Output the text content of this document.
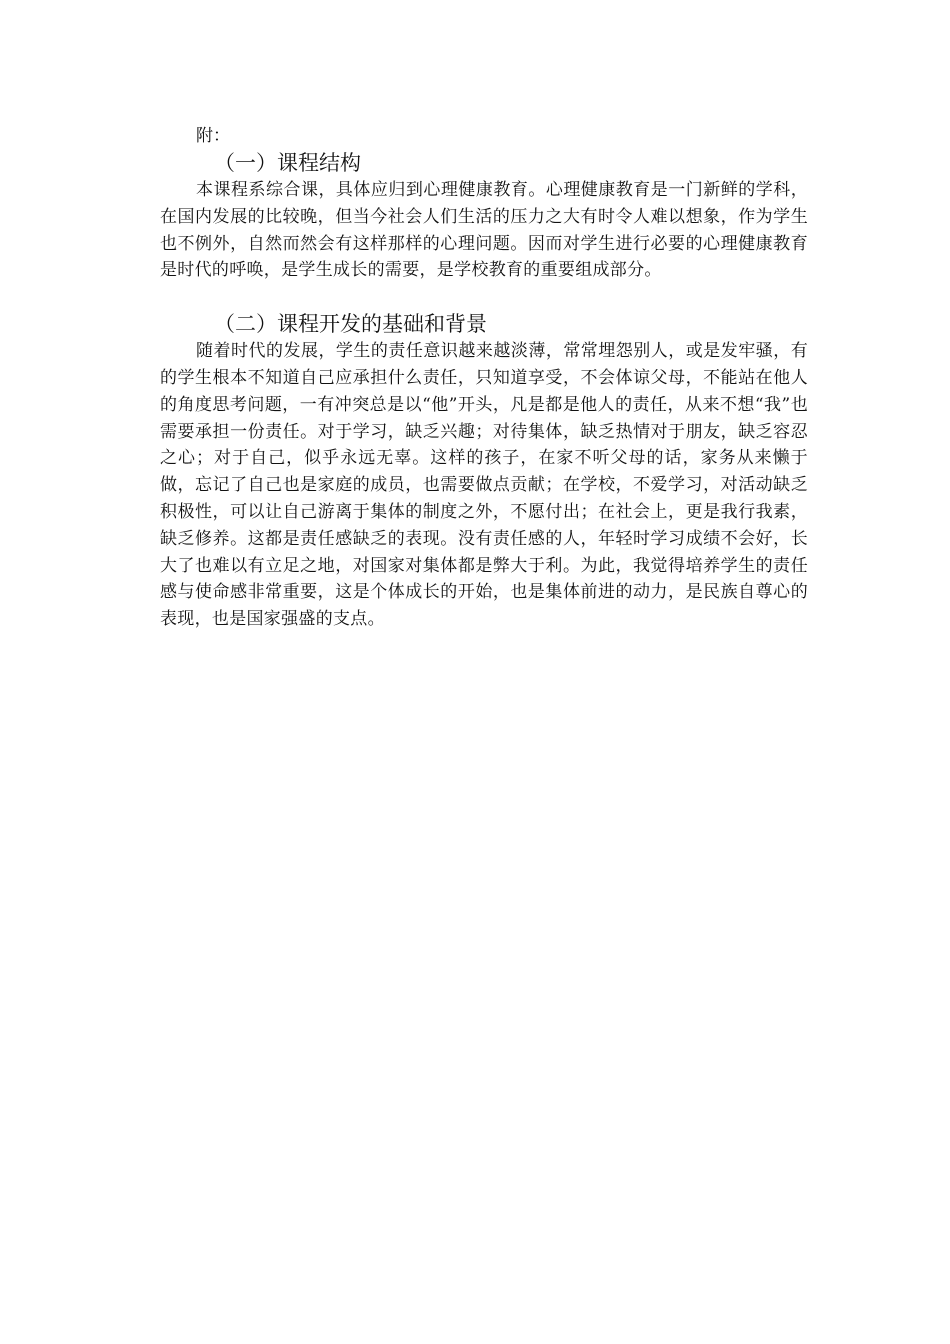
附：
（一）课程结构

本课程系综合课，具体应归到心理健康教育。心理健康教育是一门新鲜的学科，在国内发展的比较晚，但当今社会人们生活的压力之大有时令人难以想象，作为学生也不例外，自然而然会有这样那样的心理问题。因而对学生进行必要的心理健康教育是时代的呼唤，是学生成长的需要，是学校教育的重要组成部分。

（二）课程开发的基础和背景

随着时代的发展，学生的责任意识越来越淡薄，常常埋怨别人，或是发牢骚，有的学生根本不知道自己应承担什么责任，只知道享受，不会体谅父母，不能站在他人的角度思考问题，一有冲突总是以“他”开头，凡是都是他人的责任，从来不想“我”也需要承担一份责任。对于学习，缺乏兴趣；对待集体，缺乏热情对于朋友，缺乏容忍之心；对于自己，似乎永远无辜。这样的孩子，在家不听父母的话，家务从来懒于做，忘记了自己也是家庭的成员，也需要做点贡献；在学校，不爱学习，对活动缺乏积极性，可以让自己游离于集体的制度之外，不愿付出；在社会上，更是我行我素，缺乏修养。这都是责任感缺乏的表现。没有责任感的人，年轻时学习成绩不会好，长大了也难以有立足之地，对国家对集体都是弊大于利。为此，我觉得培养学生的责任感与使命感非常重要，这是个体成长的开始，也是集体前进的动力，是民族自尊心的表现，也是国家强盛的支点。
